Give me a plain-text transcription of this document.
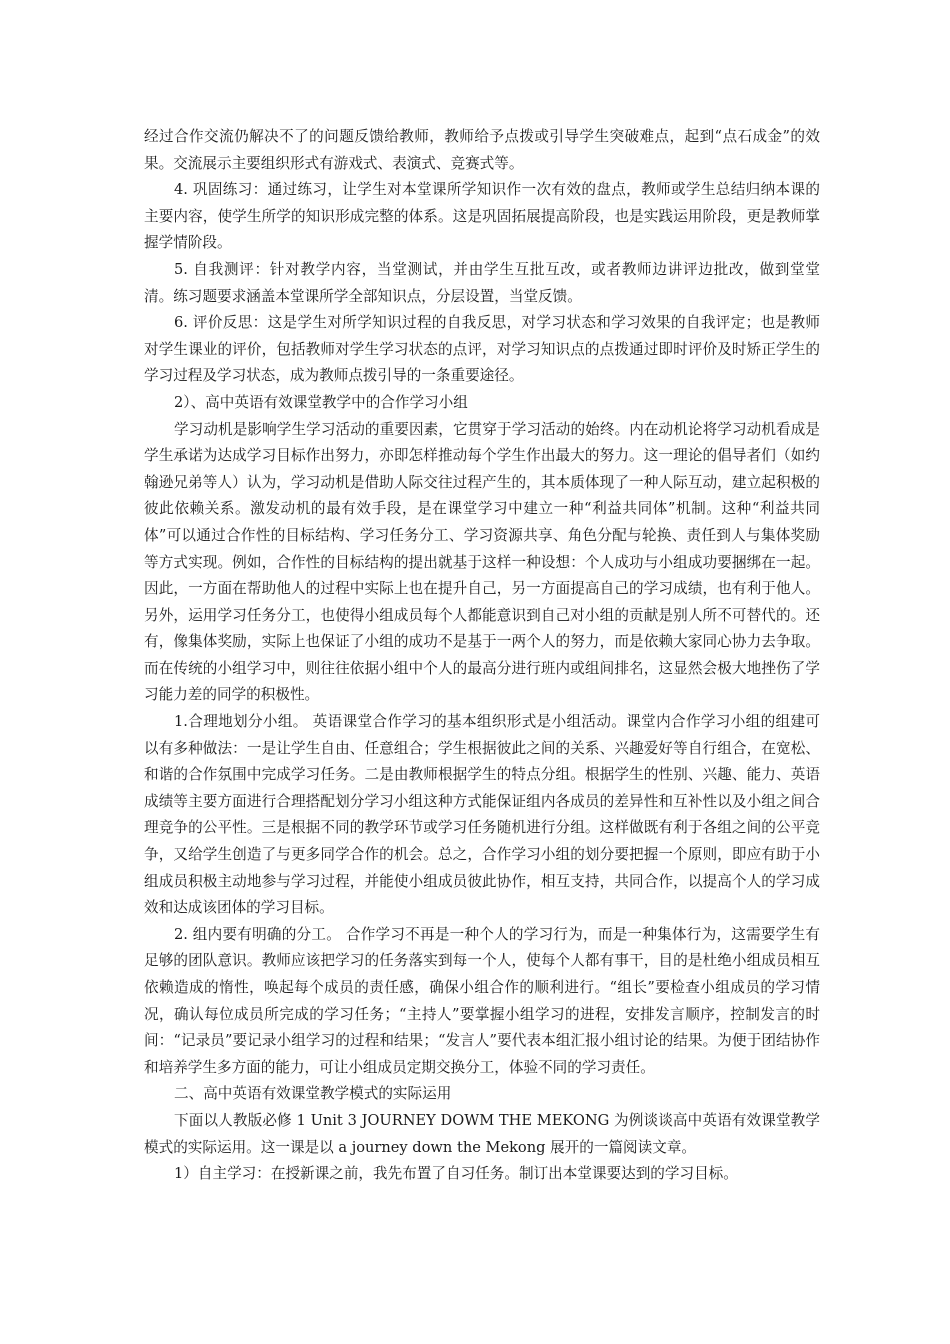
经过合作交流仍解决不了的问题反馈给教师，教师给予点拨或引导学生突破难点，起到“点石成金”的效果。交流展示主要组织形式有游戏式、表演式、竞赛式等。

4. 巩固练习：通过练习，让学生对本堂课所学知识作一次有效的盘点，教师或学生总结归纳本课的主要内容，使学生所学的知识形成完整的体系。这是巩固拓展提高阶段，也是实践运用阶段，更是教师掌握学情阶段。

5. 自我测评：针对教学内容，当堂测试，并由学生互批互改，或者教师边讲评边批改，做到堂堂清。练习题要求涵盖本堂课所学全部知识点，分层设置，当堂反馈。

6. 评价反思：这是学生对所学知识过程的自我反思，对学习状态和学习效果的自我评定；也是教师对学生课业的评价，包括教师对学生学习状态的点评，对学习知识点的点拨通过即时评价及时矫正学生的学习过程及学习状态，成为教师点拨引导的一条重要途径。

2）、高中英语有效课堂教学中的合作学习小组

学习动机是影响学生学习活动的重要因素，它贯穿于学习活动的始终。内在动机论将学习动机看成是学生承诺为达成学习目标作出努力，亦即怎样推动每个学生作出最大的努力。这一理论的倡导者们（如约翰逊兄弟等人）认为，学习动机是借助人际交往过程产生的，其本质体现了一种人际互动，建立起积极的彼此依赖关系。激发动机的最有效手段，是在课堂学习中建立一种“利益共同体”机制。这种“利益共同体”可以通过合作性的目标结构、学习任务分工、学习资源共享、角色分配与轮换、责任到人与集体奖励等方式实现。例如，合作性的目标结构的提出就基于这样一种设想：个人成功与小组成功要捆绑在一起。因此，一方面在帮助他人的过程中实际上也在提升自己，另一方面提高自己的学习成绩，也有利于他人。另外，运用学习任务分工，也使得小组成员每个人都能意识到自己对小组的贡献是别人所不可替代的。还有，像集体奖励，实际上也保证了小组的成功不是基于一两个人的努力，而是依赖大家同心协力去争取。而在传统的小组学习中，则往往依据小组中个人的最高分进行班内或组间排名，这显然会极大地挫伤了学习能力差的同学的积极性。

1.合理地划分小组。 英语课堂合作学习的基本组织形式是小组活动。课堂内合作学习小组的组建可以有多种做法：一是让学生自由、任意组合；学生根据彼此之间的关系、兴趣爱好等自行组合，在宽松、和谐的合作氛围中完成学习任务。二是由教师根据学生的特点分组。根据学生的性别、兴趣、能力、英语成绩等主要方面进行合理搭配划分学习小组这种方式能保证组内各成员的差异性和互补性以及小组之间合理竞争的公平性。三是根据不同的教学环节或学习任务随机进行分组。这样做既有利于各组之间的公平竞争，又给学生创造了与更多同学合作的机会。总之，合作学习小组的划分要把握一个原则，即应有助于小组成员积极主动地参与学习过程，并能使小组成员彼此协作，相互支持，共同合作，以提高个人的学习成效和达成该团体的学习目标。

2. 组内要有明确的分工。 合作学习不再是一种个人的学习行为，而是一种集体行为，这需要学生有足够的团队意识。教师应该把学习的任务落实到每一个人，使每个人都有事干，目的是杜绝小组成员相互依赖造成的惰性，唤起每个成员的责任感，确保小组合作的顺利进行。“组长”要检查小组成员的学习情况，确认每位成员所完成的学习任务；“主持人”要掌握小组学习的进程，安排发言顺序，控制发言的时间：“记录员”要记录小组学习的过程和结果；“发言人”要代表本组汇报小组讨论的结果。为便于团结协作和培养学生多方面的能力，可让小组成员定期交换分工，体验不同的学习责任。

二、高中英语有效课堂教学模式的实际运用

下面以人教版必修 1 Unit 3 JOURNEY DOWM THE MEKONG 为例谈谈高中英语有效课堂教学模式的实际运用。这一课是以 a journey down the Mekong 展开的一篇阅读文章。

1）自主学习：在授新课之前，我先布置了自习任务。制订出本堂课要达到的学习目标。
